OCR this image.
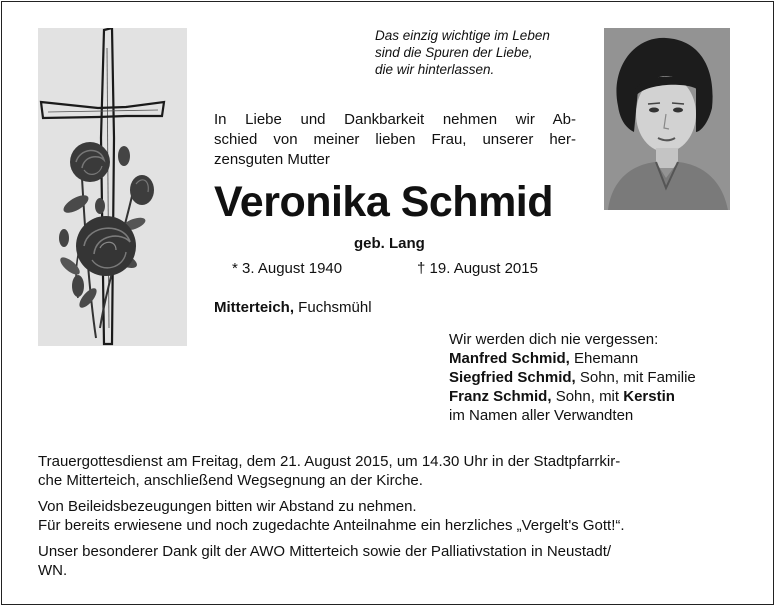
Das einzig wichtige im Leben
sind die Spuren der Liebe,
die wir hinterlassen.
In Liebe und Dankbarkeit nehmen wir Ab-
schied von meiner lieben Frau, unserer her-
zensguten Mutter
Veronika Schmid
geb. Lang
* 3. August 1940	† 19. August 2015
Mitterteich, Fuchsmühl
Wir werden dich nie vergessen:
Manfred Schmid, Ehemann
Siegfried Schmid, Sohn, mit Familie
Franz Schmid, Sohn, mit Kerstin
im Namen aller Verwandten

Trauergottesdienst am Freitag, dem 21. August 2015, um 14.30 Uhr in der Stadtpfarrkir-
che Mitterteich, anschließend Wegsegnung an der Kirche.

Von Beileidsbezeugungen bitten wir Abstand zu nehmen.
Für bereits erwiesene und noch zugedachte Anteilnahme ein herzliches „Vergelt's Gott!“.

Unser besonderer Dank gilt der AWO Mitterteich sowie der Palliativstation in Neustadt/
WN.
